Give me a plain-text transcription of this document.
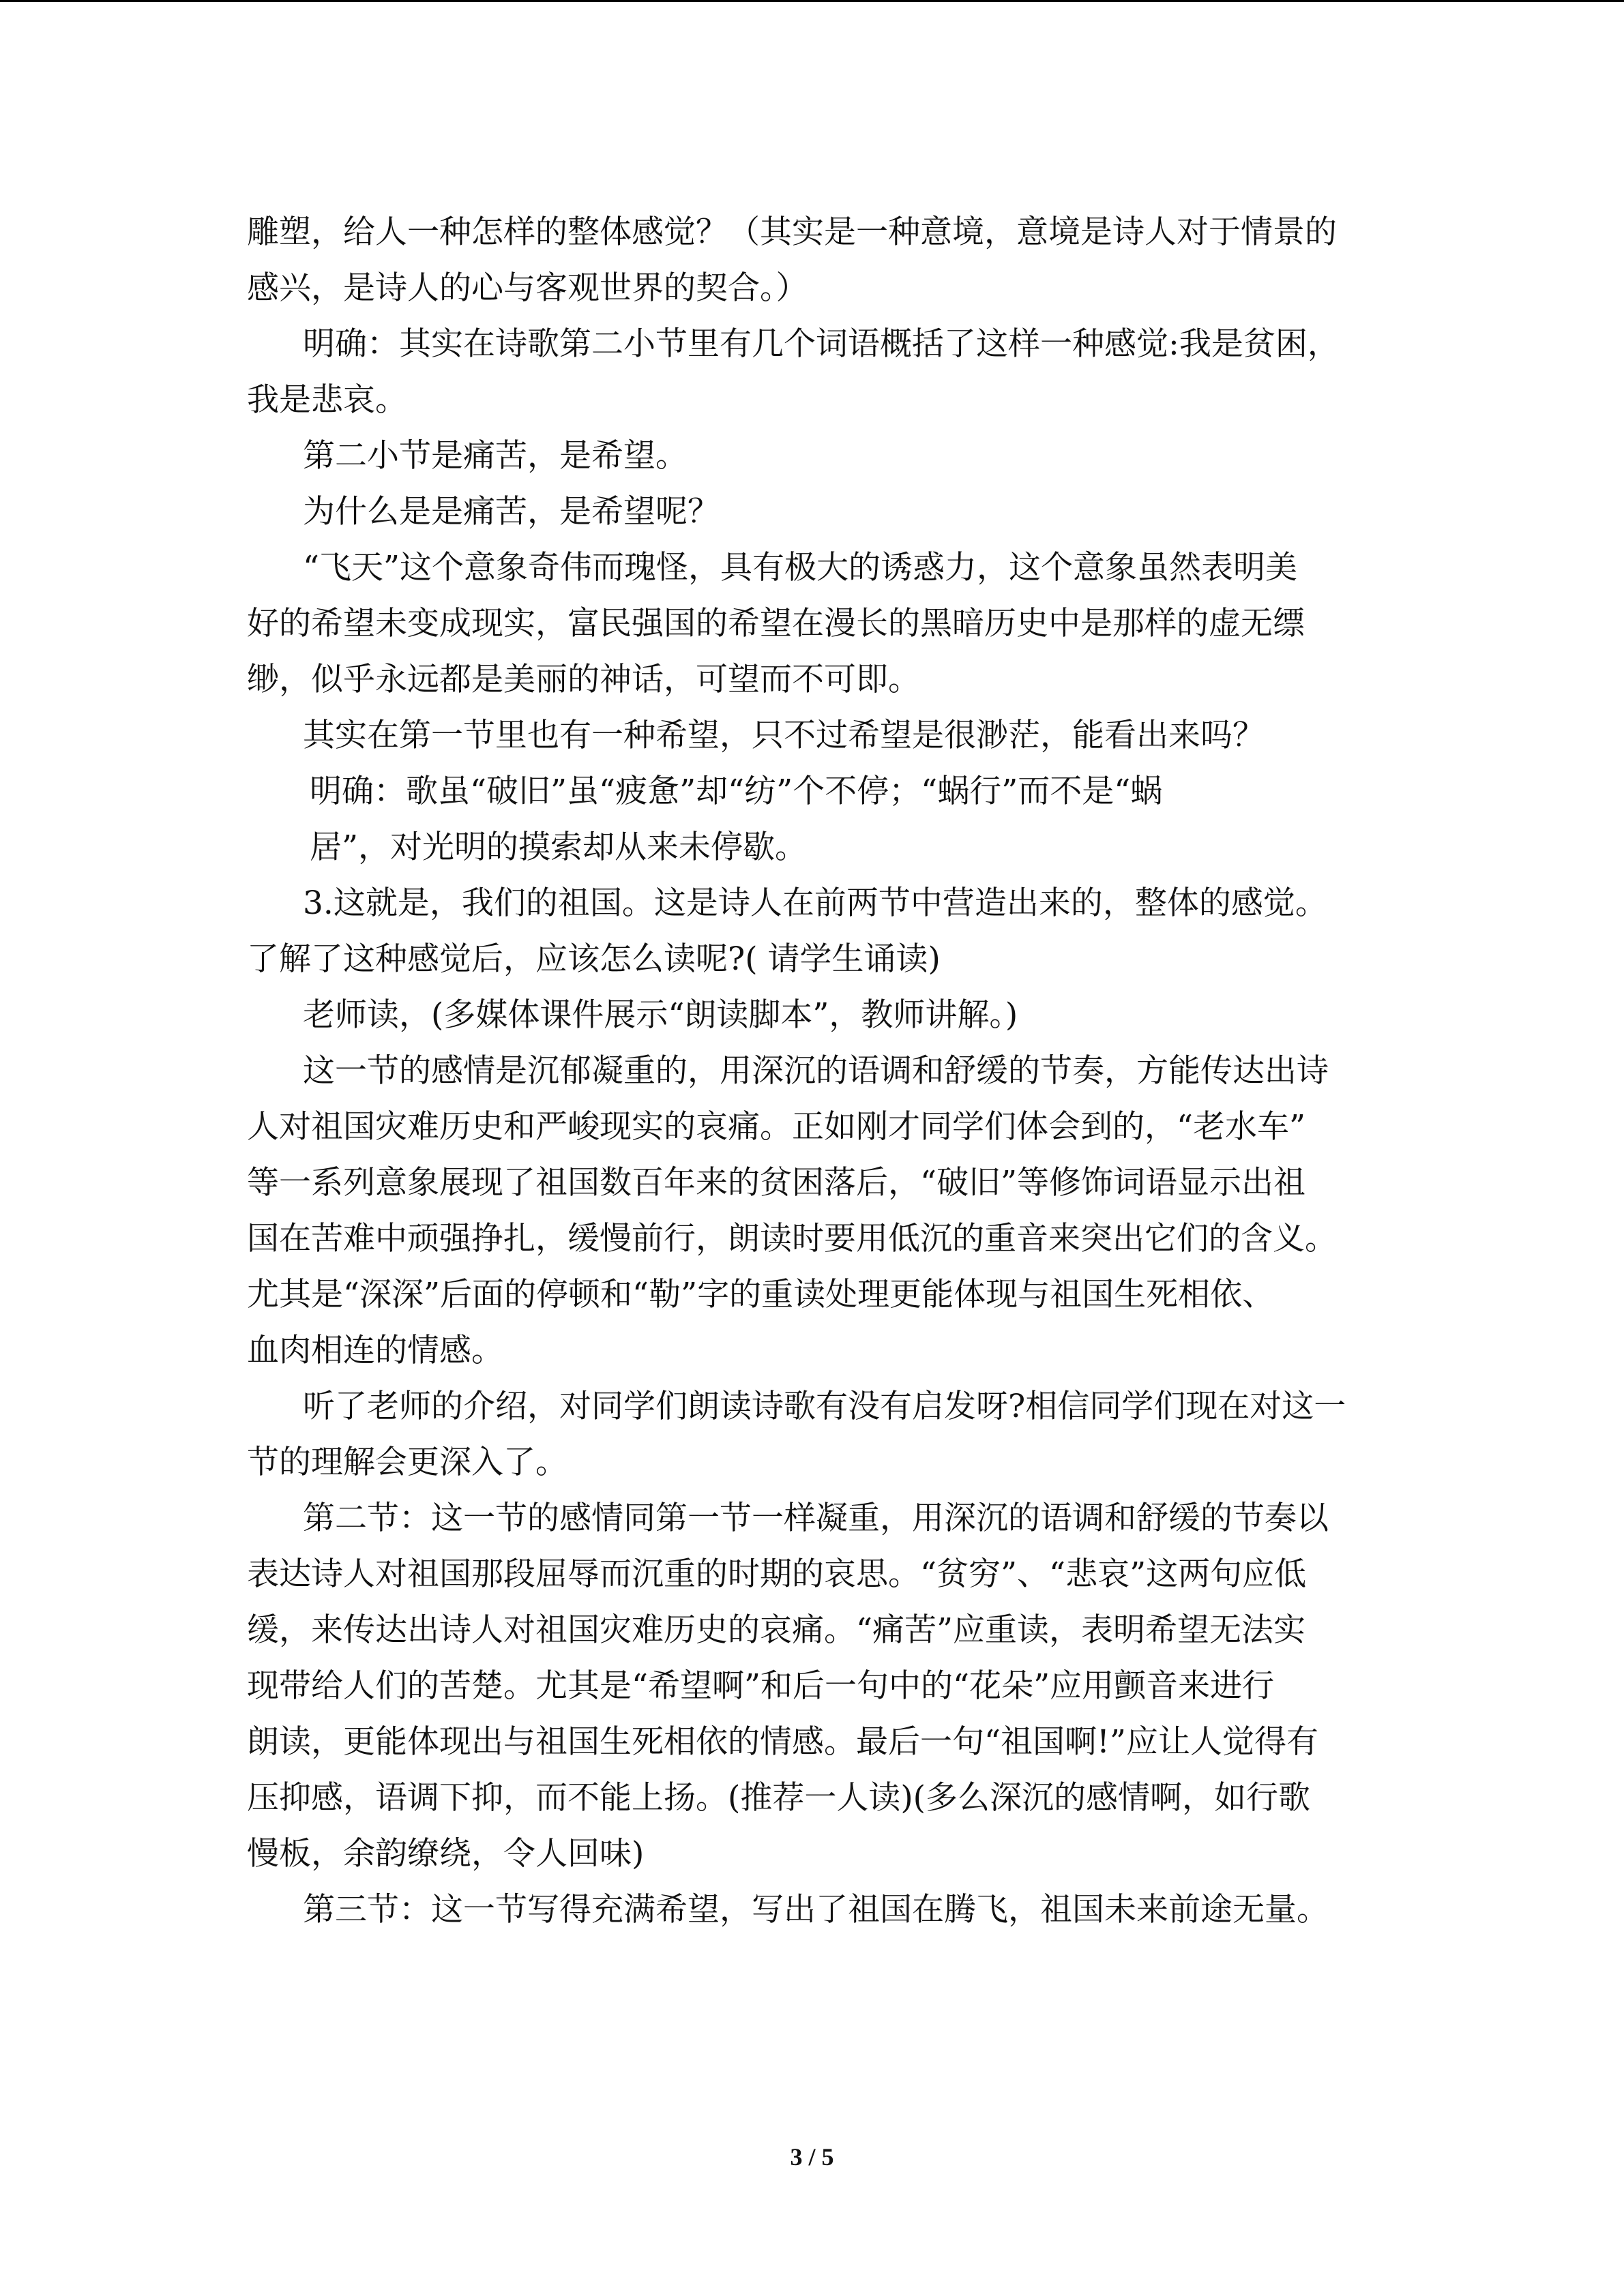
雕塑，给人一种怎样的整体感觉？（其实是一种意境，意境是诗人对于情景的

感兴，是诗人的心与客观世界的契合。）

明确：其实在诗歌第二小节里有几个词语概括了这样一种感觉:我是贫困，

我是悲哀。

第二小节是痛苦，是希望。

为什么是是痛苦，是希望呢？

“飞天”这个意象奇伟而瑰怪，具有极大的诱惑力，这个意象虽然表明美

好的希望未变成现实，富民强国的希望在漫长的黑暗历史中是那样的虚无缥

缈，似乎永远都是美丽的神话，可望而不可即。

其实在第一节里也有一种希望，只不过希望是很渺茫，能看出来吗？

明确：歌虽“破旧”虽“疲惫”却“纺”个不停；“蜗行”而不是“蜗

居”，对光明的摸索却从来未停歇。

3.这就是，我们的祖国。这是诗人在前两节中营造出来的，整体的感觉。

了解了这种感觉后，应该怎么读呢?( 请学生诵读)

老师读，(多媒体课件展示“朗读脚本”，教师讲解。)

这一节的感情是沉郁凝重的，用深沉的语调和舒缓的节奏，方能传达出诗

人对祖国灾难历史和严峻现实的哀痛。正如刚才同学们体会到的，“老水车”

等一系列意象展现了祖国数百年来的贫困落后，“破旧”等修饰词语显示出祖

国在苦难中顽强挣扎，缓慢前行，朗读时要用低沉的重音来突出它们的含义。

尤其是“深深”后面的停顿和“勒”字的重读处理更能体现与祖国生死相依、

血肉相连的情感。

听了老师的介绍，对同学们朗读诗歌有没有启发呀?相信同学们现在对这一

节的理解会更深入了。

第二节：这一节的感情同第一节一样凝重，用深沉的语调和舒缓的节奏以

表达诗人对祖国那段屈辱而沉重的时期的哀思。“贫穷”、“悲哀”这两句应低

缓，来传达出诗人对祖国灾难历史的哀痛。“痛苦”应重读，表明希望无法实

现带给人们的苦楚。尤其是“希望啊”和后一句中的“花朵”应用颤音来进行

朗读，更能体现出与祖国生死相依的情感。最后一句“祖国啊!”应让人觉得有

压抑感，语调下抑，而不能上扬。(推荐一人读)(多么深沉的感情啊，如行歌

慢板，余韵缭绕，令人回味)

第三节：这一节写得充满希望，写出了祖国在腾飞，祖国未来前途无量。

3 / 5
